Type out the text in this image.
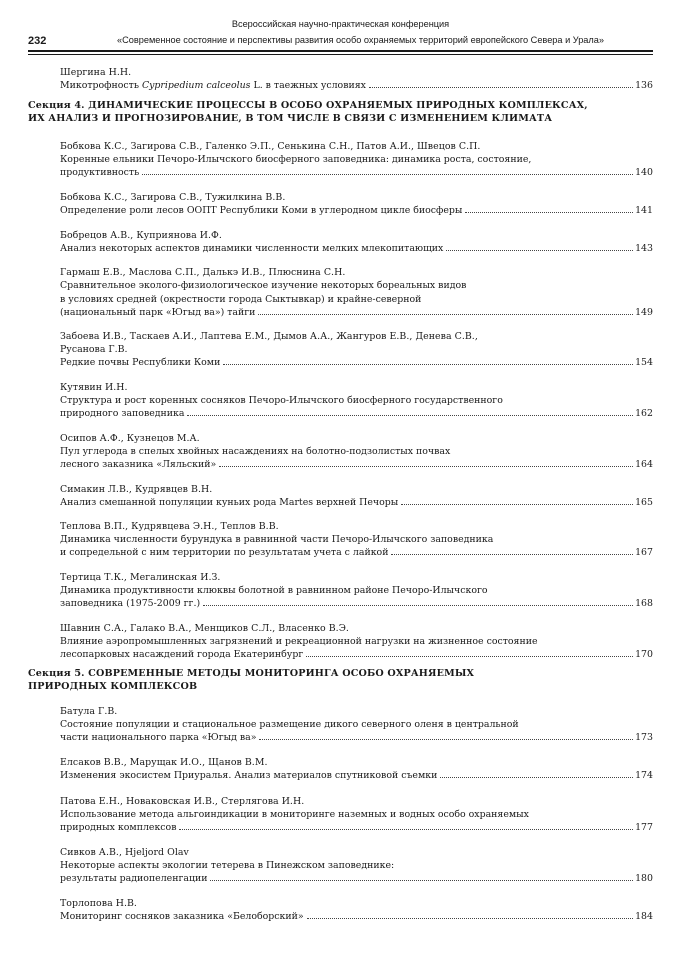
232
Всероссийская научно-практическая конференция
«Современное состояние и перспективы развития особо охраняемых территорий европейского Севера и Урала»
Шергина Н.Н.
Микотрофность Cypripedium calceolus L. в таежных условиях	136
Секция 4. ДИНАМИЧЕСКИЕ ПРОЦЕССЫ В ОСОБО ОХРАНЯЕМЫХ ПРИРОДНЫХ КОМПЛЕКСАХ,
ИХ АНАЛИЗ И ПРОГНОЗИРОВАНИЕ, В ТОМ ЧИСЛЕ В СВЯЗИ С ИЗМЕНЕНИЕМ КЛИМАТА
Бобкова К.С., Загирова С.В., Галенко Э.П., Сенькина С.Н., Патов А.И., Швецов С.П.
Коренные ельники Печоро-Илычского биосферного заповедника: динамика роста, состояние,
продуктивность	140
Бобкова К.С., Загирова С.В., Тужилкина В.В.
Определение роли лесов ООПТ Республики Коми в углеродном цикле биосферы	141
Бобрецов А.В., Куприянова И.Ф.
Анализ некоторых аспектов динамики численности мелких млекопитающих	143
Гармаш Е.В., Маслова С.П., Далькэ И.В., Плюснина С.Н.
Сравнительное эколого-физиологическое изучение некоторых бореальных видов
в условиях средней (окрестности города Сыктывкар) и крайне-северной
(национальный парк «Югыд ва») тайги	149
Забоева И.В., Таскаев А.И., Лаптева Е.М., Дымов А.А., Жангуров Е.В., Денева С.В.,
Русанова Г.В.
Редкие почвы Республики Коми	154
Кутявин И.Н.
Структура и рост коренных сосняков Печоро-Илычского биосферного государственного
природного заповедника	162
Осипов А.Ф., Кузнецов М.А.
Пул углерода в спелых хвойных насаждениях на болотно-подзолистых почвах
лесного заказника «Ляльский»	164
Симакин Л.В., Кудрявцев В.Н.
Анализ смешанной популяции куньих рода Martes верхней Печоры	165
Теплова В.П., Кудрявцева Э.Н., Теплов В.В.
Динамика численности бурундука в равнинной части Печоро-Илычского заповедника
и сопредельной с ним территории по результатам учета с лайкой	167
Тертица Т.К., Мегалинская И.З.
Динамика продуктивности клюквы болотной в равнинном районе Печоро-Илычского
заповедника (1975-2009 гг.)	168
Шавнин С.А., Галако В.А., Менщиков С.Л., Власенко В.Э.
Влияние аэропромышленных загрязнений и рекреационной нагрузки на жизненное состояние
лесопарковых насаждений города Екатеринбург	170
Секция 5. СОВРЕМЕННЫЕ МЕТОДЫ МОНИТОРИНГА ОСОБО ОХРАНЯЕМЫХ
ПРИРОДНЫХ КОМПЛЕКСОВ
Батула Г.В.
Состояние популяции и стациональное размещение дикого северного оленя в центральной
части национального парка «Югыд ва»	173
Елсаков В.В., Марущак И.О., Щанов В.М.
Изменения экосистем Приуралья. Анализ материалов спутниковой съемки	174
Патова Е.Н., Новаковская И.В., Стерлягова И.Н.
Использование метода альгоиндикации в мониторинге наземных и водных особо охраняемых
природных комплексов	177
Сивков А.В., Hjeljord Olav
Некоторые аспекты экологии тетерева в Пинежском заповеднике:
результаты радиопеленгации	180
Торлопова Н.В.
Мониторинг сосняков заказника «Белоборский»	184
